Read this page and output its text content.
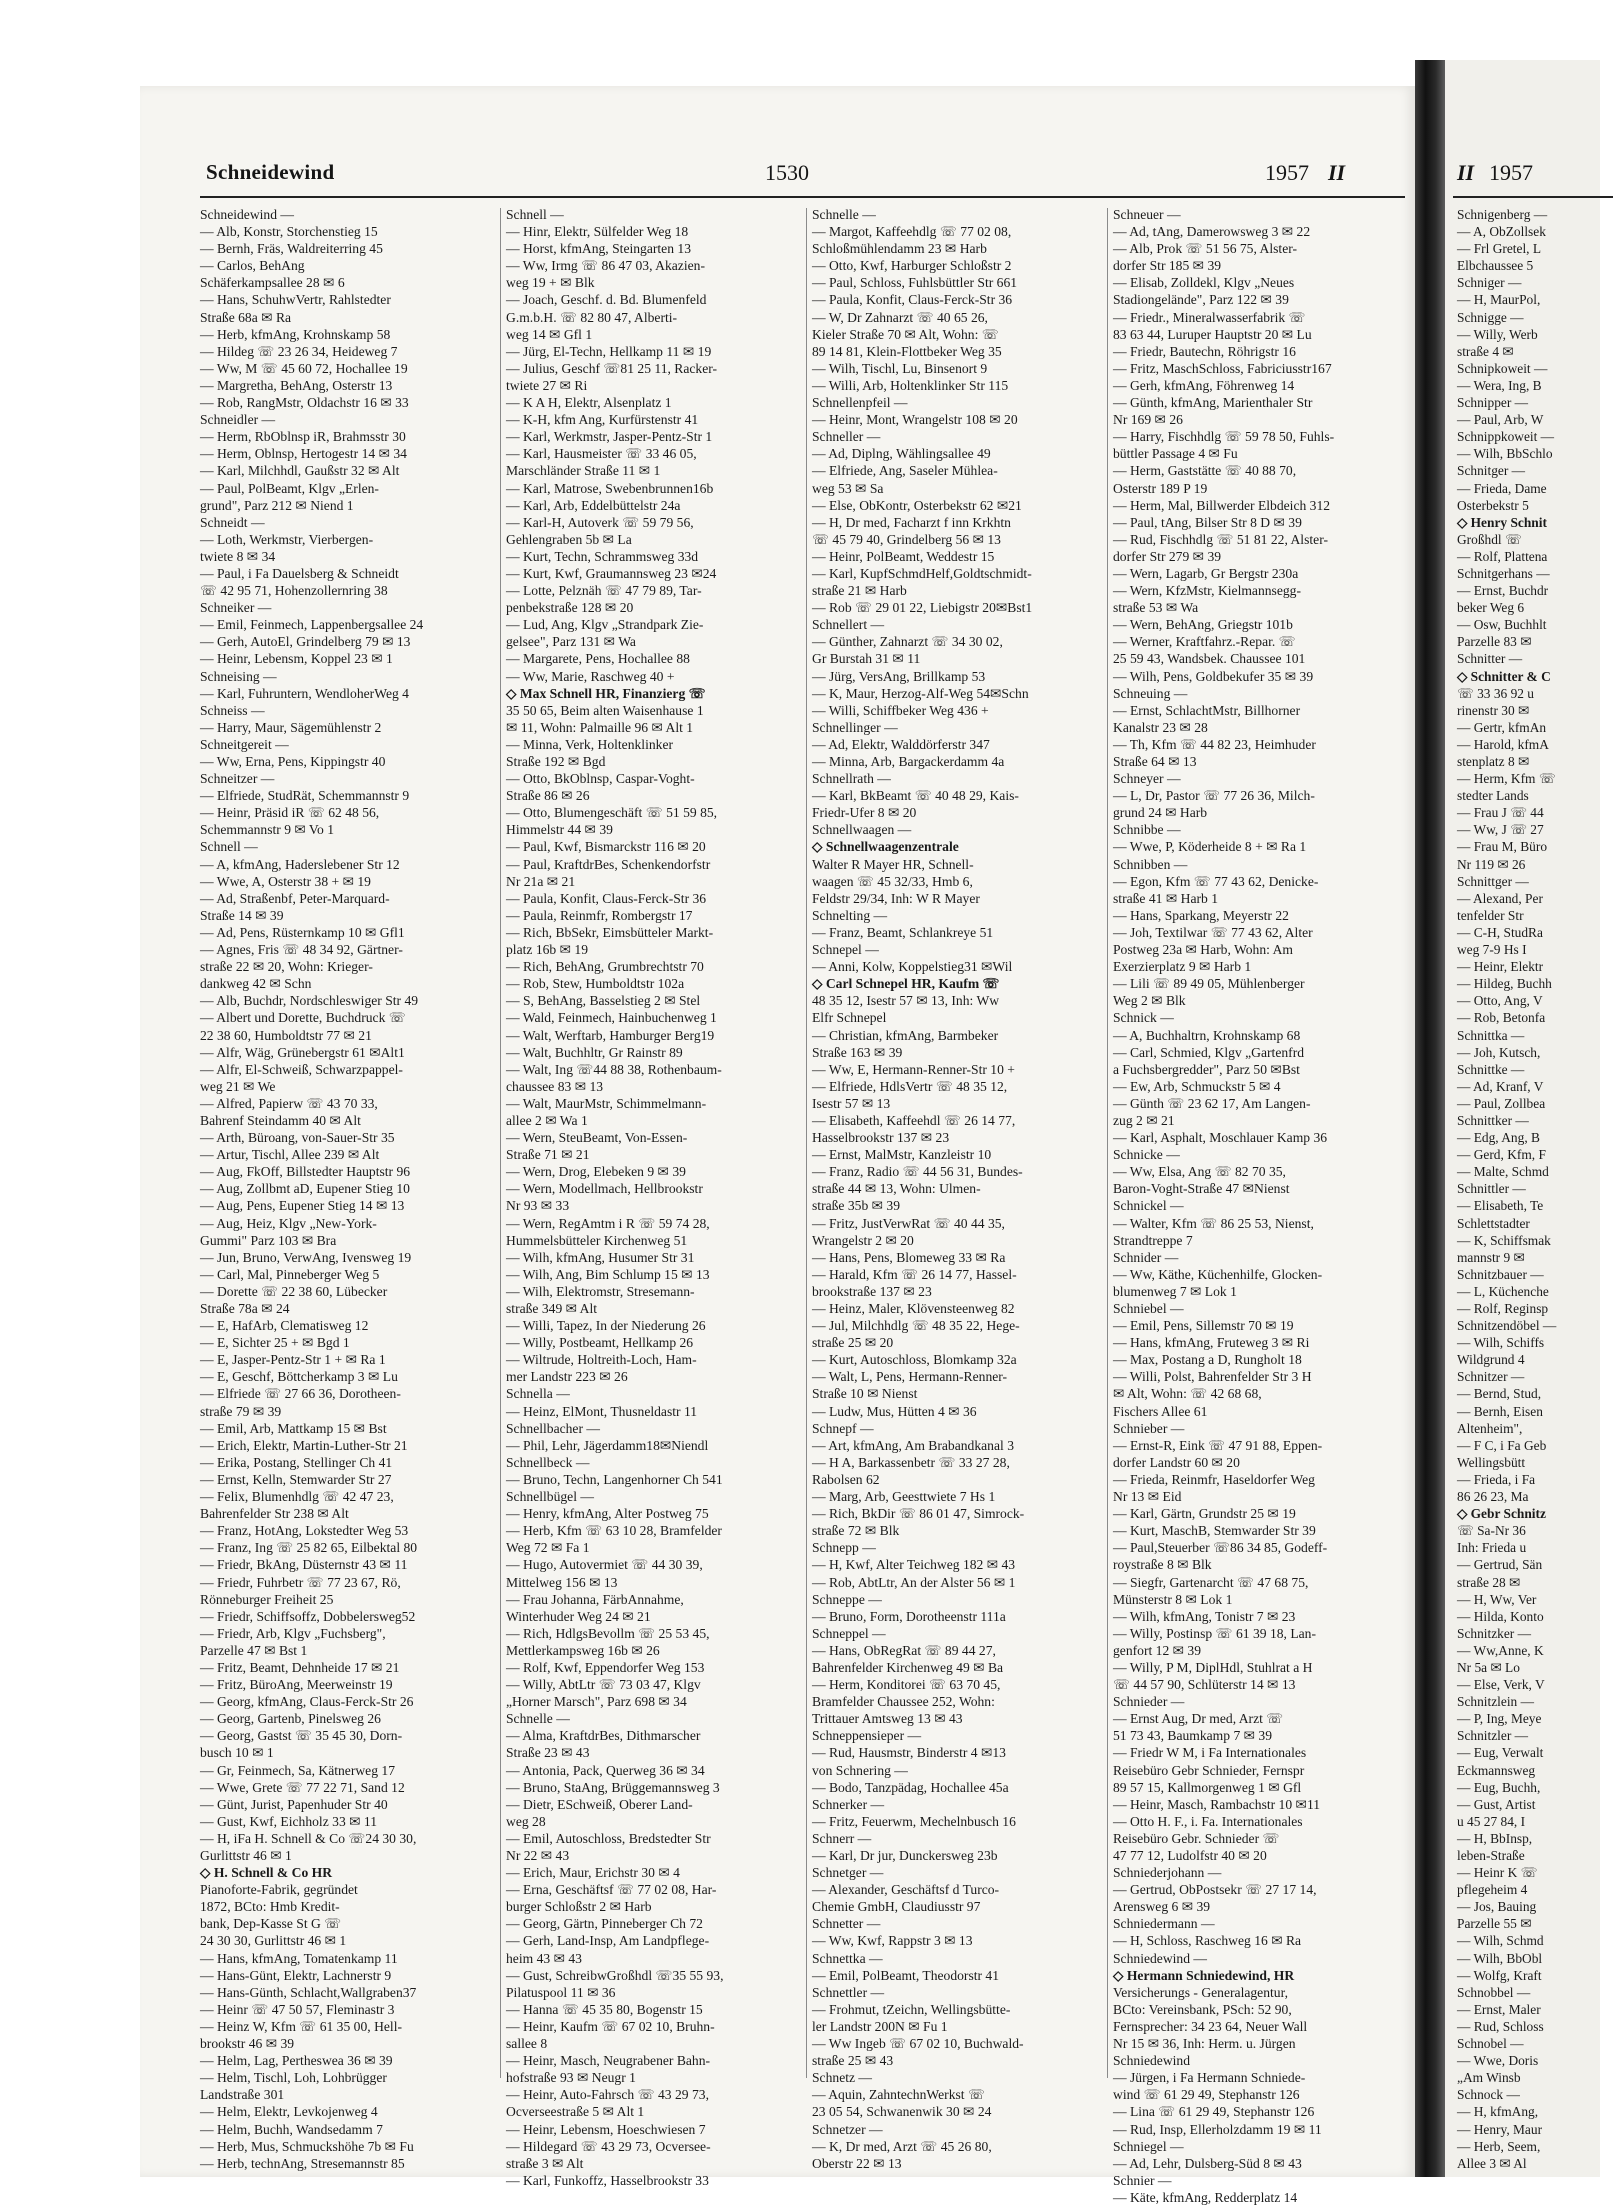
Schneidewind	1530	1957 II
Schneidewind —
— Alb, Konstr, Storchenstieg 15
— Bernh, Fräs, Waldreiterring 45
— Carlos, BehAng
Schäferkampsallee 28 ✉ 6
— Hans, SchuhwVertr, Rahlstedter
Straße 68a ✉ Ra
— Herb, kfmAng, Krohnskamp 58
— Hildeg ☏ 23 26 34, Heideweg 7
— Ww, M ☏ 45 60 72, Hochallee 19
— Margretha, BehAng, Osterstr 13
— Rob, RangMstr, Oldachstr 16 ✉ 33
Schneidler —
— Herm, RbOblnsp iR, Brahmsstr 30
— Herm, Oblnsp, Hertogestr 14 ✉ 34
— Karl, Milchhdl, Gaußstr 32 ✉ Alt
— Paul, PolBeamt, Klgv „Erlen-
grund", Parz 212 ✉ Niend 1
Schneidt —
— Loth, Werkmstr, Vierbergen-
twiete 8 ✉ 34
— Paul, i Fa Dauelsberg & Schneidt
☏ 42 95 71, Hohenzollernring 38
Schneiker —
— Emil, Feinmech, Lappenbergsallee 24
— Gerh, AutoEl, Grindelberg 79 ✉ 13
— Heinr, Lebensm, Koppel 23 ✉ 1
Schneising —
— Karl, Fuhruntern, WendloherWeg 4
Schneiss —
— Harry, Maur, Sägemühlenstr 2
Schneitgereit —
— Ww, Erna, Pens, Kippingstr 40
Schneitzer —
— Elfriede, StudRät, Schemmannstr 9
— Heinr, Präsid iR ☏ 62 48 56,
Schemmannstr 9 ✉ Vo 1
Schnell —
— A, kfmAng, Haderslebener Str 12
— Wwe, A, Osterstr 38 + ✉ 19
— Ad, Straßenbf, Peter-Marquard-
Straße 14 ✉ 39
— Ad, Pens, Rüsternkamp 10 ✉ Gfl1
— Agnes, Fris ☏ 48 34 92, Gärtner-
straße 22 ✉ 20, Wohn: Krieger-
dankweg 42 ✉ Schn
— Alb, Buchdr, Nordschleswiger Str 49
— Albert und Dorette, Buchdruck ☏
22 38 60, Humboldtstr 77 ✉ 21
— Alfr, Wäg, Grünebergstr 61 ✉Alt1
— Alfr, El-Schweiß, Schwarzpappel-
weg 21 ✉ We
— Alfred, Papierw ☏ 43 70 33,
Bahrenf Steindamm 40 ✉ Alt
— Arth, Büroang, von-Sauer-Str 35
— Artur, Tischl, Allee 239 ✉ Alt
— Aug, FkOff, Billstedter Hauptstr 96
— Aug, Zollbmt aD, Eupener Stieg 10
— Aug, Pens, Eupener Stieg 14 ✉ 13
— Aug, Heiz, Klgv „New-York-
Gummi" Parz 103 ✉ Bra
— Jun, Bruno, VerwAng, Ivensweg 19
— Carl, Mal, Pinneberger Weg 5
— Dorette ☏ 22 38 60, Lübecker
Straße 78a ✉ 24
— E, HafArb, Clematisweg 12
— E, Sichter 25 + ✉ Bgd 1
— E, Jasper-Pentz-Str 1 + ✉ Ra 1
— E, Geschf, Böttcherkamp 3 ✉ Lu
— Elfriede ☏ 27 66 36, Dorotheen-
straße 79 ✉ 39
— Emil, Arb, Mattkamp 15 ✉ Bst
— Erich, Elektr, Martin-Luther-Str 21
— Erika, Postang, Stellinger Ch 41
— Ernst, Kelln, Stemwarder Str 27
— Felix, Blumenhdlg ☏ 42 47 23,
Bahrenfelder Str 238 ✉ Alt
— Franz, HotAng, Lokstedter Weg 53
— Franz, Ing ☏ 25 82 65, Eilbektal 80
— Friedr, BkAng, Düsternstr 43 ✉ 11
— Friedr, Fuhrbetr ☏ 77 23 67, Rö,
Rönneburger Freiheit 25
— Friedr, Schiffsoffz, Dobbelersweg52
— Friedr, Arb, Klgv „Fuchsberg",
Parzelle 47 ✉ Bst 1
— Fritz, Beamt, Dehnheide 17 ✉ 21
— Fritz, BüroAng, Meerweinstr 19
— Georg, kfmAng, Claus-Ferck-Str 26
— Georg, Gartenb, Pinelsweg 26
— Georg, Gastst ☏ 35 45 30, Dorn-
busch 10 ✉ 1
— Gr, Feinmech, Sa, Kätnerweg 17
— Wwe, Grete ☏ 77 22 71, Sand 12
— Günt, Jurist, Papenhuder Str 40
— Gust, Kwf, Eichholz 33 ✉ 11
— H, iFa H. Schnell & Co ☏24 30 30,
Gurlittstr 46 ✉ 1
◇ H. Schnell & Co HR
Pianoforte-Fabrik, gegründet
1872, BCto: Hmb Kredit-
bank, Dep-Kasse St G ☏
24 30 30, Gurlittstr 46 ✉ 1
— Hans, kfmAng, Tomatenkamp 11
— Hans-Günt, Elektr, Lachnerstr 9
— Hans-Günth, Schlacht,Wallgraben37
— Heinr ☏ 47 50 57, Fleminastr 3
— Heinz W, Kfm ☏ 61 35 00, Hell-
brookstr 46 ✉ 39
— Helm, Lag, Pertheswea 36 ✉ 39
— Helm, Tischl, Loh, Lohbrügger
Landstraße 301
— Helm, Elektr, Levkojenweg 4
— Helm, Buchh, Wandsedamm 7
— Herb, Mus, Schmuckshöhe 7b ✉ Fu
— Herb, technAng, Stresemannstr 85
Schnell —
— Hinr, Elektr, Sülfelder Weg 18
— Horst, kfmAng, Steingarten 13
— Ww, Irmg ☏ 86 47 03, Akazien-
weg 19 + ✉ Blk
— Joach, Geschf. d. Bd. Blumenfeld
G.m.b.H. ☏ 82 80 47, Alberti-
weg 14 ✉ Gfl 1
— Jürg, El-Techn, Hellkamp 11 ✉ 19
— Julius, Geschf ☏81 25 11, Racker-
twiete 27 ✉ Ri
— K A H, Elektr, Alsenplatz 1
— K-H, kfm Ang, Kurfürstenstr 41
— Karl, Werkmstr, Jasper-Pentz-Str 1
— Karl, Hausmeister ☏ 33 46 05,
Marschländer Straße 11 ✉ 1
— Karl, Matrose, Swebenbrunnen16b
— Karl, Arb, Eddelbüttelstr 24a
— Karl-H, Autoverk ☏ 59 79 56,
Gehlengraben 5b ✉ La
— Kurt, Techn, Schrammsweg 33d
— Kurt, Kwf, Graumannsweg 23 ✉24
— Lotte, Pelznäh ☏ 47 79 89, Tar-
penbekstraße 128 ✉ 20
— Lud, Ang, Klgv „Strandpark Zie-
gelsee", Parz 131 ✉ Wa
— Margarete, Pens, Hochallee 88
— Ww, Marie, Raschweg 40 +
◇ Max Schnell HR, Finanzierg ☏
35 50 65, Beim alten Waisenhause 1
✉ 11, Wohn: Palmaille 96 ✉ Alt 1
— Minna, Verk, Holtenklinker
Straße 192 ✉ Bgd
— Otto, BkOblnsp, Caspar-Voght-
Straße 86 ✉ 26
— Otto, Blumengeschäft ☏ 51 59 85,
Himmelstr 44 ✉ 39
— Paul, Kwf, Bismarckstr 116 ✉ 20
— Paul, KraftdrBes, Schenkendorfstr
Nr 21a ✉ 21
— Paula, Konfit, Claus-Ferck-Str 36
— Paula, Reinmfr, Rombergstr 17
— Rich, BbSekr, Eimsbütteler Markt-
platz 16b ✉ 19
— Rich, BehAng, Grumbrechtstr 70
— Rob, Stew, Humboldtstr 102a
— S, BehAng, Basselstieg 2 ✉ Stel
— Wald, Feinmech, Hainbuchenweg 1
— Walt, Werftarb, Hamburger Berg19
— Walt, Buchhltr, Gr Rainstr 89
— Walt, Ing ☏44 88 38, Rothenbaum-
chaussee 83 ✉ 13
— Walt, MaurMstr, Schimmelmann-
allee 2 ✉ Wa 1
— Wern, SteuBeamt, Von-Essen-
Straße 71 ✉ 21
— Wern, Drog, Elebeken 9 ✉ 39
— Wern, Modellmach, Hellbrookstr
Nr 93 ✉ 33
— Wern, RegAmtm i R ☏ 59 74 28,
Hummelsbütteler Kirchenweg 51
— Wilh, kfmAng, Husumer Str 31
— Wilh, Ang, Bim Schlump 15 ✉ 13
— Wilh, Elektromstr, Stresemann-
straße 349 ✉ Alt
— Willi, Tapez, In der Niederung 26
— Willy, Postbeamt, Hellkamp 26
— Wiltrude, Holtreith-Loch, Ham-
mer Landstr 223 ✉ 26
Schnella —
— Heinz, ElMont, Thusneldastr 11
Schnellbacher —
— Phil, Lehr, Jägerdamm18✉Niendl
Schnellbeck —
— Bruno, Techn, Langenhorner Ch 541
Schnellbügel —
— Henry, kfmAng, Alter Postweg 75
— Herb, Kfm ☏ 63 10 28, Bramfelder
Weg 72 ✉ Fa 1
— Hugo, Autovermiet ☏ 44 30 39,
Mittelweg 156 ✉ 13
— Frau Johanna, FärbAnnahme,
Winterhuder Weg 24 ✉ 21
— Rich, HdlgsBevollm ☏ 25 53 45,
Mettlerkampsweg 16b ✉ 26
— Rolf, Kwf, Eppendorfer Weg 153
— Willy, AbtLtr ☏ 73 03 47, Klgv
„Horner Marsch", Parz 698 ✉ 34
Schnelle —
— Alma, KraftdrBes, Dithmarscher
Straße 23 ✉ 43
— Antonia, Pack, Querweg 36 ✉ 34
— Bruno, StaAng, Brüggemannsweg 3
— Dietr, ESchweiß, Oberer Land-
weg 28
— Emil, Autoschloss, Bredstedter Str
Nr 22 ✉ 43
— Erich, Maur, Erichstr 30 ✉ 4
— Erna, Geschäftsf ☏ 77 02 08, Har-
burger Schloßstr 2 ✉ Harb
— Georg, Gärtn, Pinneberger Ch 72
— Gerh, Land-Insp, Am Landpflege-
heim 43 ✉ 43
— Gust, SchreibwGroßhdl ☏35 55 93,
Pilatuspool 11 ✉ 36
— Hanna ☏ 45 35 80, Bogenstr 15
— Heinr, Kaufm ☏ 67 02 10, Bruhn-
sallee 8
— Heinr, Masch, Neugrabener Bahn-
hofstraße 93 ✉ Neugr 1
— Heinr, Auto-Fahrsch ☏ 43 29 73,
Ocverseestraße 5 ✉ Alt 1
— Heinr, Lebensm, Hoeschwiesen 7
— Hildegard ☏ 43 29 73, Ocversee-
straße 3 ✉ Alt
— Karl, Funkoffz, Hasselbrookstr 33
Schnelle —
— Margot, Kaffeehdlg ☏ 77 02 08,
Schloßmühlendamm 23 ✉ Harb
— Otto, Kwf, Harburger Schloßstr 2
— Paul, Schloss, Fuhlsbüttler Str 661
— Paula, Konfit, Claus-Ferck-Str 36
— W, Dr Zahnarzt ☏ 40 65 26,
Kieler Straße 70 ✉ Alt, Wohn: ☏
89 14 81, Klein-Flottbeker Weg 35
— Wilh, Tischl, Lu, Binsenort 9
— Willi, Arb, Holtenklinker Str 115
Schnellenpfeil —
— Heinr, Mont, Wrangelstr 108 ✉ 20
Schneller —
— Ad, Diplng, Wählingsallee 49
— Elfriede, Ang, Saseler Mühlea-
weg 53 ✉ Sa
— Else, ObKontr, Osterbekstr 62 ✉21
— H, Dr med, Facharzt f inn Krkhtn
☏ 45 79 40, Grindelberg 56 ✉ 13
— Heinr, PolBeamt, Weddestr 15
— Karl, KupfSchmdHelf,Goldtschmidt-
straße 21 ✉ Harb
— Rob ☏ 29 01 22, Liebigstr 20✉Bst1
Schnellert —
— Günther, Zahnarzt ☏ 34 30 02,
Gr Burstah 31 ✉ 11
— Jürg, VersAng, Brillkamp 53
— K, Maur, Herzog-Alf-Weg 54✉Schn
— Willi, Schiffbeker Weg 436 +
Schnellinger —
— Ad, Elektr, Walddörferstr 347
— Minna, Arb, Bargackerdamm 4a
Schnellrath —
— Karl, BkBeamt ☏ 40 48 29, Kais-
Friedr-Ufer 8 ✉ 20
Schnellwaagen —
◇ Schnellwaagenzentrale
Walter R Mayer HR, Schnell-
waagen ☏ 45 32/33, Hmb 6,
Feldstr 29/34, Inh: W R Mayer
Schnelting —
— Franz, Beamt, Schlankreye 51
Schnepel —
— Anni, Kolw, Koppelstieg31 ✉Wil
◇ Carl Schnepel HR, Kaufm ☏
48 35 12, Isestr 57 ✉ 13, Inh: Ww
Elfr Schnepel
— Christian, kfmAng, Barmbeker
Straße 163 ✉ 39
— Ww, E, Hermann-Renner-Str 10 +
— Elfriede, HdlsVertr ☏ 48 35 12,
Isestr 57 ✉ 13
— Elisabeth, Kaffeehdl ☏ 26 14 77,
Hasselbrookstr 137 ✉ 23
— Ernst, MalMstr, Kanzleistr 10
— Franz, Radio ☏ 44 56 31, Bundes-
straße 44 ✉ 13, Wohn: Ulmen-
straße 35b ✉ 39
— Fritz, JustVerwRat ☏ 40 44 35,
Wrangelstr 2 ✉ 20
— Hans, Pens, Blomeweg 33 ✉ Ra
— Harald, Kfm ☏ 26 14 77, Hassel-
brookstraße 137 ✉ 23
— Heinz, Maler, Klövensteenweg 82
— Jul, Milchhdlg ☏ 48 35 22, Hege-
straße 25 ✉ 20
— Kurt, Autoschloss, Blomkamp 32a
— Walt, L, Pens, Hermann-Renner-
Straße 10 ✉ Nienst
— Ludw, Mus, Hütten 4 ✉ 36
Schnepf —
— Art, kfmAng, Am Brabandkanal 3
— H A, Barkassenbetr ☏ 33 27 28,
Rabolsen 62
— Marg, Arb, Geesttwiete 7 Hs 1
— Rich, BkDir ☏ 86 01 47, Simrock-
straße 72 ✉ Blk
Schnepp —
— H, Kwf, Alter Teichweg 182 ✉ 43
— Rob, AbtLtr, An der Alster 56 ✉ 1
Schneppe —
— Bruno, Form, Dorotheenstr 111a
Schneppel —
— Hans, ObRegRat ☏ 89 44 27,
Bahrenfelder Kirchenweg 49 ✉ Ba
— Herm, Konditorei ☏ 63 70 45,
Bramfelder Chaussee 252, Wohn:
Trittauer Amtsweg 13 ✉ 43
Schneppensieper —
— Rud, Hausmstr, Binderstr 4 ✉13
von Schnering —
— Bodo, Tanzpädag, Hochallee 45a
Schnerker —
— Fritz, Feuerwm, Mechelnbusch 16
Schnerr —
— Karl, Dr jur, Dunckersweg 23b
Schnetger —
— Alexander, Geschäftsf d Turco-
Chemie GmbH, Claudiusstr 97
Schnetter —
— Ww, Kwf, Rappstr 3 ✉ 13
Schnettka —
— Emil, PolBeamt, Theodorstr 41
Schnettler —
— Frohmut, tZeichn, Wellingsbütte-
ler Landstr 200N ✉ Fu 1
— Ww Ingeb ☏ 67 02 10, Buchwald-
straße 25 ✉ 43
Schnetz —
— Aquin, ZahntechnWerkst ☏
23 05 54, Schwanenwik 30 ✉ 24
Schnetzer —
— K, Dr med, Arzt ☏ 45 26 80,
Oberstr 22 ✉ 13
Schneuer —
— Ad, tAng, Damerowsweg 3 ✉ 22
— Alb, Prok ☏ 51 56 75, Alster-
dorfer Str 185 ✉ 39
— Elisab, Zolldekl, Klgv „Neues
Stadiongelände", Parz 122 ✉ 39
— Friedr., Mineralwasserfabrik ☏
83 63 44, Luruper Hauptstr 20 ✉ Lu
— Friedr, Bautechn, Röhrigstr 16
— Fritz, MaschSchloss, Fabriciusstr167
— Gerh, kfmAng, Föhrenweg 14
— Günth, kfmAng, Marienthaler Str
Nr 169 ✉ 26
— Harry, Fischhdlg ☏ 59 78 50, Fuhls-
büttler Passage 4 ✉ Fu
— Herm, Gaststätte ☏ 40 88 70,
Osterstr 189 P 19
— Herm, Mal, Billwerder Elbdeich 312
— Paul, tAng, Bilser Str 8 D ✉ 39
— Rud, Fischhdlg ☏ 51 81 22, Alster-
dorfer Str 279 ✉ 39
— Wern, Lagarb, Gr Bergstr 230a
— Wern, KfzMstr, Kielmannsegg-
straße 53 ✉ Wa
— Wern, BehAng, Griegstr 101b
— Werner, Kraftfahrz.-Repar. ☏
25 59 43, Wandsbek. Chaussee 101
— Wilh, Pens, Goldbekufer 35 ✉ 39
Schneuing —
— Ernst, SchlachtMstr, Billhorner
Kanalstr 23 ✉ 28
— Th, Kfm ☏ 44 82 23, Heimhuder
Straße 64 ✉ 13
Schneyer —
— L, Dr, Pastor ☏ 77 26 36, Milch-
grund 24 ✉ Harb
Schnibbe —
— Wwe, P, Köderheide 8 + ✉ Ra 1
Schnibben —
— Egon, Kfm ☏ 77 43 62, Denicke-
straße 41 ✉ Harb 1
— Hans, Sparkang, Meyerstr 22
— Joh, Textilwar ☏ 77 43 62, Alter
Postweg 23a ✉ Harb, Wohn: Am
Exerzierplatz 9 ✉ Harb 1
— Lili ☏ 89 49 05, Mühlenberger
Weg 2 ✉ Blk
Schnick —
— A, Buchhaltrn, Krohnskamp 68
— Carl, Schmied, Klgv „Gartenfrd
a Fuchsbergredder", Parz 50 ✉Bst
— Ew, Arb, Schmuckstr 5 ✉ 4
— Günth ☏ 23 62 17, Am Langen-
zug 2 ✉ 21
— Karl, Asphalt, Moschlauer Kamp 36
Schnicke —
— Ww, Elsa, Ang ☏ 82 70 35,
Baron-Voght-Straße 47 ✉Nienst
Schnickel —
— Walter, Kfm ☏ 86 25 53, Nienst,
Strandtreppe 7
Schnider —
— Ww, Käthe, Küchenhilfe, Glocken-
blumenweg 7 ✉ Lok 1
Schniebel —
— Emil, Pens, Sillemstr 70 ✉ 19
— Hans, kfmAng, Fruteweg 3 ✉ Ri
— Max, Postang a D, Rungholt 18
— Willi, Polst, Bahrenfelder Str 3 H
✉ Alt, Wohn: ☏ 42 68 68,
Fischers Allee 61
Schnieber —
— Ernst-R, Eink ☏ 47 91 88, Eppen-
dorfer Landstr 60 ✉ 20
— Frieda, Reinmfr, Haseldorfer Weg
Nr 13 ✉ Eid
— Karl, Gärtn, Grundstr 25 ✉ 19
— Kurt, MaschB, Stemwarder Str 39
— Paul,Steuerber ☏86 34 85, Godeff-
roystraße 8 ✉ Blk
— Siegfr, Gartenarcht ☏ 47 68 75,
Münsterstr 8 ✉ Lok 1
— Wilh, kfmAng, Tonistr 7 ✉ 23
— Willy, Postinsp ☏ 61 39 18, Lan-
genfort 12 ✉ 39
— Willy, P M, DiplHdl, Stuhlrat a H
☏ 44 57 90, Schlüterstr 14 ✉ 13
Schnieder —
— Ernst Aug, Dr med, Arzt ☏
51 73 43, Baumkamp 7 ✉ 39
— Friedr W M, i Fa Internationales
Reisebüro Gebr Schnieder, Fernspr
89 57 15, Kallmorgenweg 1 ✉ Gfl
— Heinr, Masch, Rambachstr 10 ✉11
— Otto H. F., i. Fa. Internationales
Reisebüro Gebr. Schnieder ☏
47 77 12, Ludolfstr 40 ✉ 20
Schniederjohann —
— Gertrud, ObPostsekr ☏ 27 17 14,
Arensweg 6 ✉ 39
Schniedermann —
— H, Schloss, Raschweg 16 ✉ Ra
Schniedewind —
◇ Hermann Schniedewind, HR
Versicherungs - Generalagentur,
BCto: Vereinsbank, PSch: 52 90,
Fernsprecher: 34 23 64, Neuer Wall
Nr 15 ✉ 36, Inh: Herm. u. Jürgen
Schniedewind
— Jürgen, i Fa Hermann Schniede-
wind ☏ 61 29 49, Stephanstr 126
— Lina ☏ 61 29 49, Stephanstr 126
— Rud, Insp, Ellerholzdamm 19 ✉ 11
Schniegel —
— Ad, Lehr, Dulsberg-Süd 8 ✉ 43
Schnier —
— Käte, kfmAng, Redderplatz 14
II 1957
Schnigenberg —
— A, ObZollsek
— Frl Gretel, L
Elbchaussee 5
Schniger —
— H, MaurPol,
Schnigge —
— Willy, Werb
straße 4 ✉
Schnipkoweit —
— Wera, Ing, B
Schnipper —
— Paul, Arb, W
Schnippkoweit —
— Wilh, BbSchlo
Schnitger —
— Frieda, Dame
Osterbekstr 5
◇ Henry Schnit
Großhdl ☏
— Rolf, Plattena
Schnitgerhans —
— Ernst, Buchdr
beker Weg 6
— Osw, Buchhlt
Parzelle 83 ✉
Schnitter —
◇ Schnitter & C
☏ 33 36 92 u
rinenstr 30 ✉
— Gertr, kfmAn
— Harold, kfmA
stenplatz 8 ✉
— Herm, Kfm ☏
stedter Lands
— Frau J ☏ 44
— Ww, J ☏ 27
— Frau M, Büro
Nr 119 ✉ 26
Schnittger —
— Alexand, Per
tenfelder Str
— C-H, StudRa
weg 7-9 Hs I
— Heinr, Elektr
— Hildeg, Buchh
— Otto, Ang, V
— Rob, Betonfa
Schnittka —
— Joh, Kutsch,
Schnittke —
— Ad, Kranf, V
— Paul, Zollbea
Schnittker —
— Edg, Ang, B
— Gerd, Kfm, F
— Malte, Schmd
Schnittler —
— Elisabeth, Te
Schlettstadter
— K, Schiffsmak
mannstr 9 ✉
Schnitzbauer —
— L, Küchenche
— Rolf, Reginsp
Schnitzendöbel —
— Wilh, Schiffs
Wildgrund 4
Schnitzer —
— Bernd, Stud,
— Bernh, Eisen
Altenheim",
— F C, i Fa Geb
Wellingsbütt
— Frieda, i Fa
86 26 23, Ma
◇ Gebr Schnitz
☏ Sa-Nr 36
Inh: Frieda u
— Gertrud, Sän
straße 28 ✉
— H, Ww, Ver
— Hilda, Konto
Schnitzker —
— Ww,Anne, K
Nr 5a ✉ Lo
— Else, Verk, V
Schnitzlein —
— P, Ing, Meye
Schnitzler —
— Eug, Verwalt
Eckmannsweg
— Eug, Buchh,
— Gust, Artist
u 45 27 84, I
— H, BbInsp,
leben-Straße
— Heinr K ☏
pflegeheim 4
— Jos, Bauing
Parzelle 55 ✉
— Wilh, Schmd
— Wilh, BbObl
— Wolfg, Kraft
Schnobbel —
— Ernst, Maler
— Rud, Schloss
Schnobel —
— Wwe, Doris
„Am Winsb
Schnock —
— H, kfmAng,
— Henry, Maur
— Herb, Seem,
Allee 3 ✉ Al
